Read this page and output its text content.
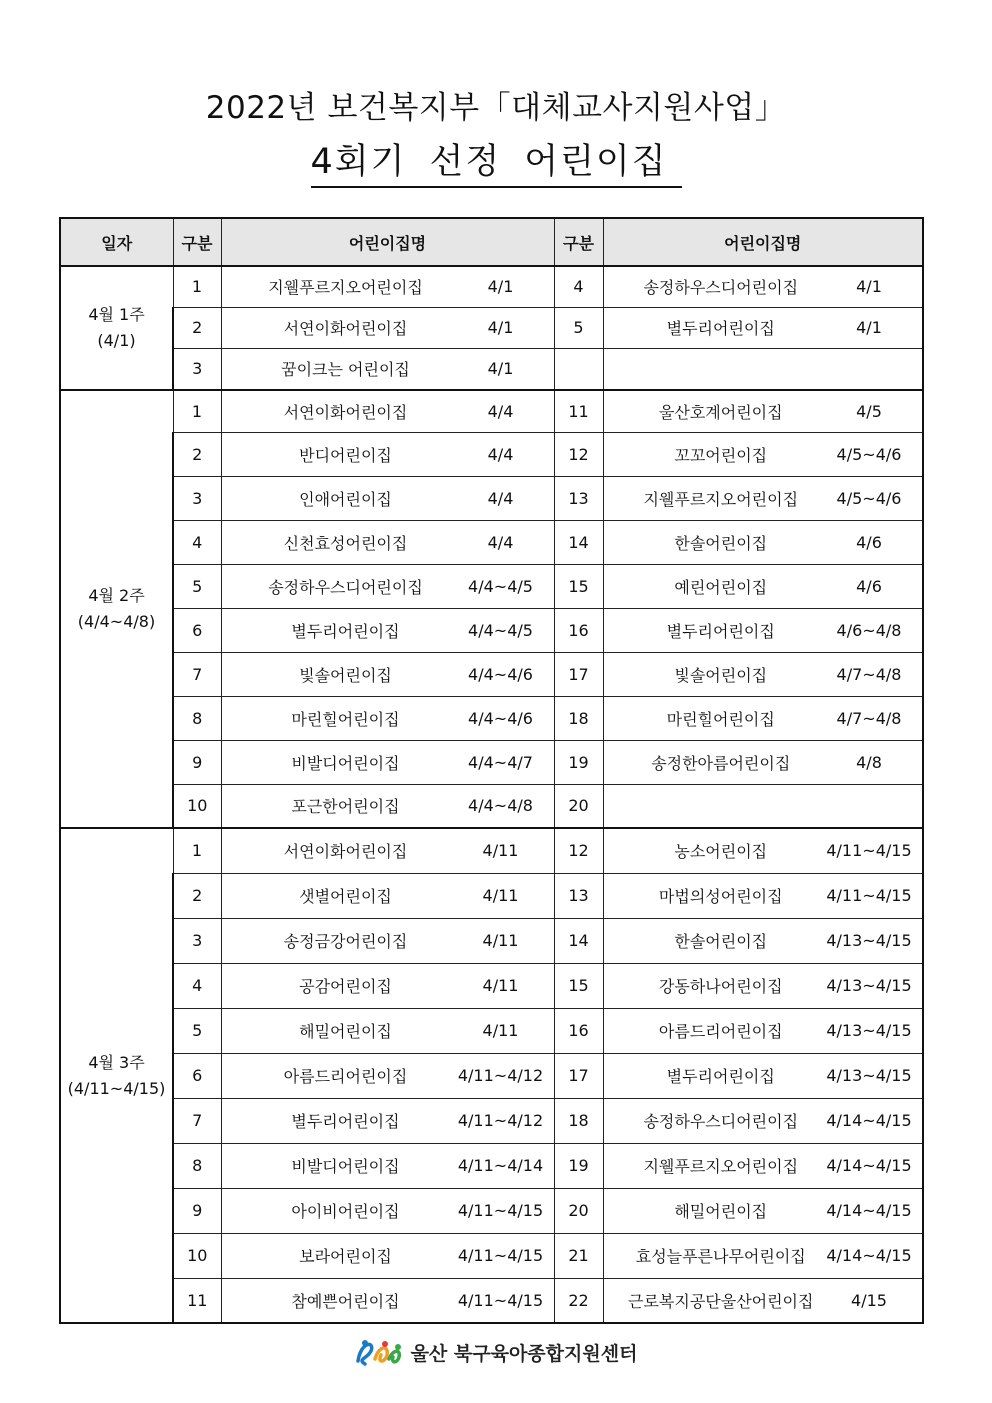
2022년 보건복지부「대체교사지원사업」
4회기 선정 어린이집
일자	구분	어린이집명	구분	어린이집명

4월 1주
(4/1)	1	지웰푸르지오어린이집 4/1	4	송정하우스디어린이집 4/1

	2	서연이화어린이집 4/1	5	별두리어린이집 4/1

	3	꿈이크는 어린이집 4/1		

4월 2주
(4/4~4/8)	1	서연이화어린이집 4/4	11	울산호계어린이집 4/5

	2	반디어린이집 4/4	12	꼬꼬어린이집 4/5~4/6

	3	인애어린이집 4/4	13	지웰푸르지오어린이집 4/5~4/6

	4	신천효성어린이집 4/4	14	한솔어린이집 4/6

	5	송정하우스디어린이집 4/4~4/5	15	예린어린이집 4/6

	6	별두리어린이집 4/4~4/5	16	별두리어린이집 4/6~4/8

	7	빛솔어린이집 4/4~4/6	17	빛솔어린이집 4/7~4/8

	8	마린힐어린이집 4/4~4/6	18	마린힐어린이집 4/7~4/8

	9	비발디어린이집 4/4~4/7	19	송정한아름어린이집 4/8

	10	포근한어린이집 4/4~4/8	20	

4월 3주
(4/11~4/15)	1	서연이화어린이집 4/11	12	농소어린이집 4/11~4/15

	2	샛별어린이집 4/11	13	마법의성어린이집 4/11~4/15

	3	송정금강어린이집 4/11	14	한솔어린이집 4/13~4/15

	4	공감어린이집 4/11	15	강동하나어린이집 4/13~4/15

	5	해밀어린이집 4/11	16	아름드리어린이집 4/13~4/15

	6	아름드리어린이집 4/11~4/12	17	별두리어린이집 4/13~4/15

	7	별두리어린이집 4/11~4/12	18	송정하우스디어린이집 4/14~4/15

	8	비발디어린이집 4/11~4/14	19	지웰푸르지오어린이집 4/14~4/15

	9	아이비어린이집 4/11~4/15	20	해밀어린이집 4/14~4/15

	10	보라어린이집 4/11~4/15	21	효성늘푸른나무어린이집 4/14~4/15

	11	참예쁜어린이집 4/11~4/15	22	근로복지공단울산어린이집 4/15
울산 북구육아종합지원센터
